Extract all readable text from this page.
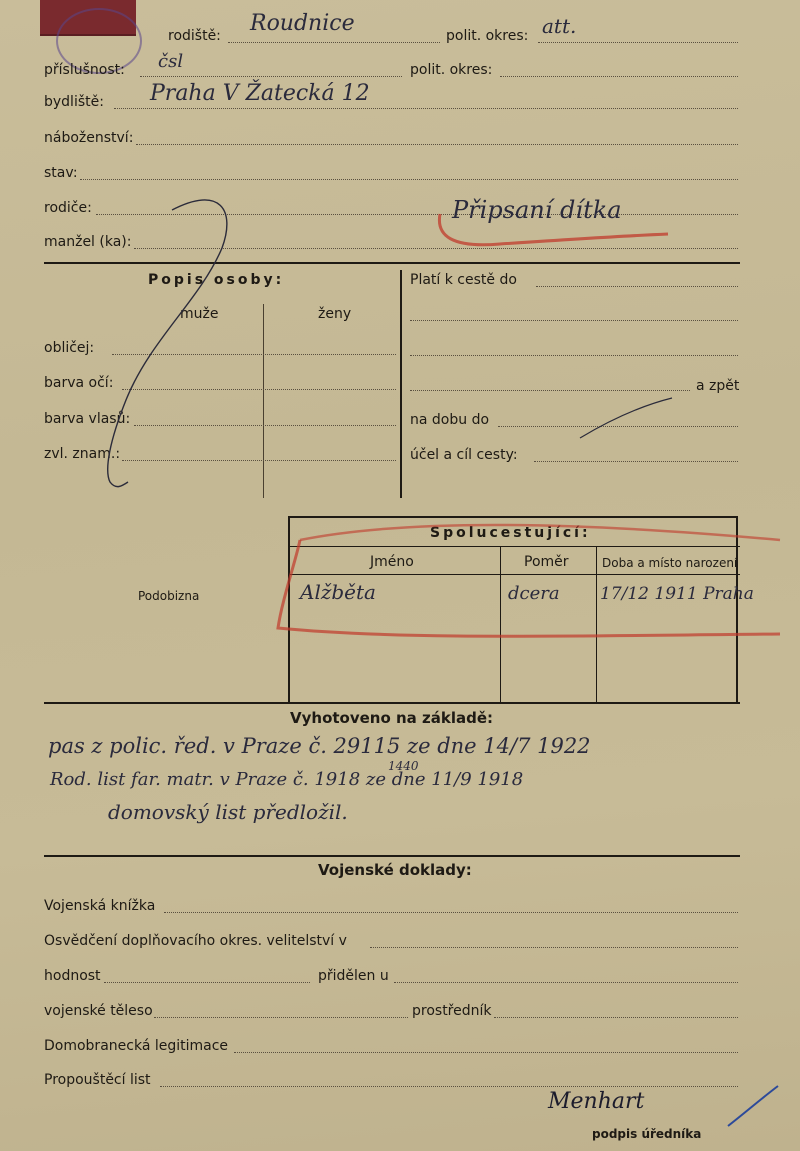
rodiště: Roudnice	polit. okres: att.
příslušnost: čsl	polit. okres:
bydliště: Praha V Žatecká 12
náboženství:
stav:
rodiče:	Připsaní dítka
manžel (ka):
Popis osoby:
muže	ženy
obličej:
barva očí:
barva vlasů:
zvl. znam.:
Platí k cestě do
a zpět
na dobu do
účel a cíl cesty:
Podobizna
Spolucestující:
Jméno	Poměr	Doba a místo narození
Alžběta	dcera 17/12 1911 Praha
Vyhotoveno na základě:
pas z polic. řed. v Praze č. 29115 ze dne 14/7 1922
Rod. list far. matr. v Praze č. 1918 ze dne 11/9 1918
1440
domovský list předložil.
Vojenské doklady:
Vojenská knížka
Osvědčení doplňovacího okres. velitelství v
hodnost	přidělen u
vojenské těleso	prostředník
Domobranecká legitimace
Propouštěcí list
Menhart
podpis úředníka
